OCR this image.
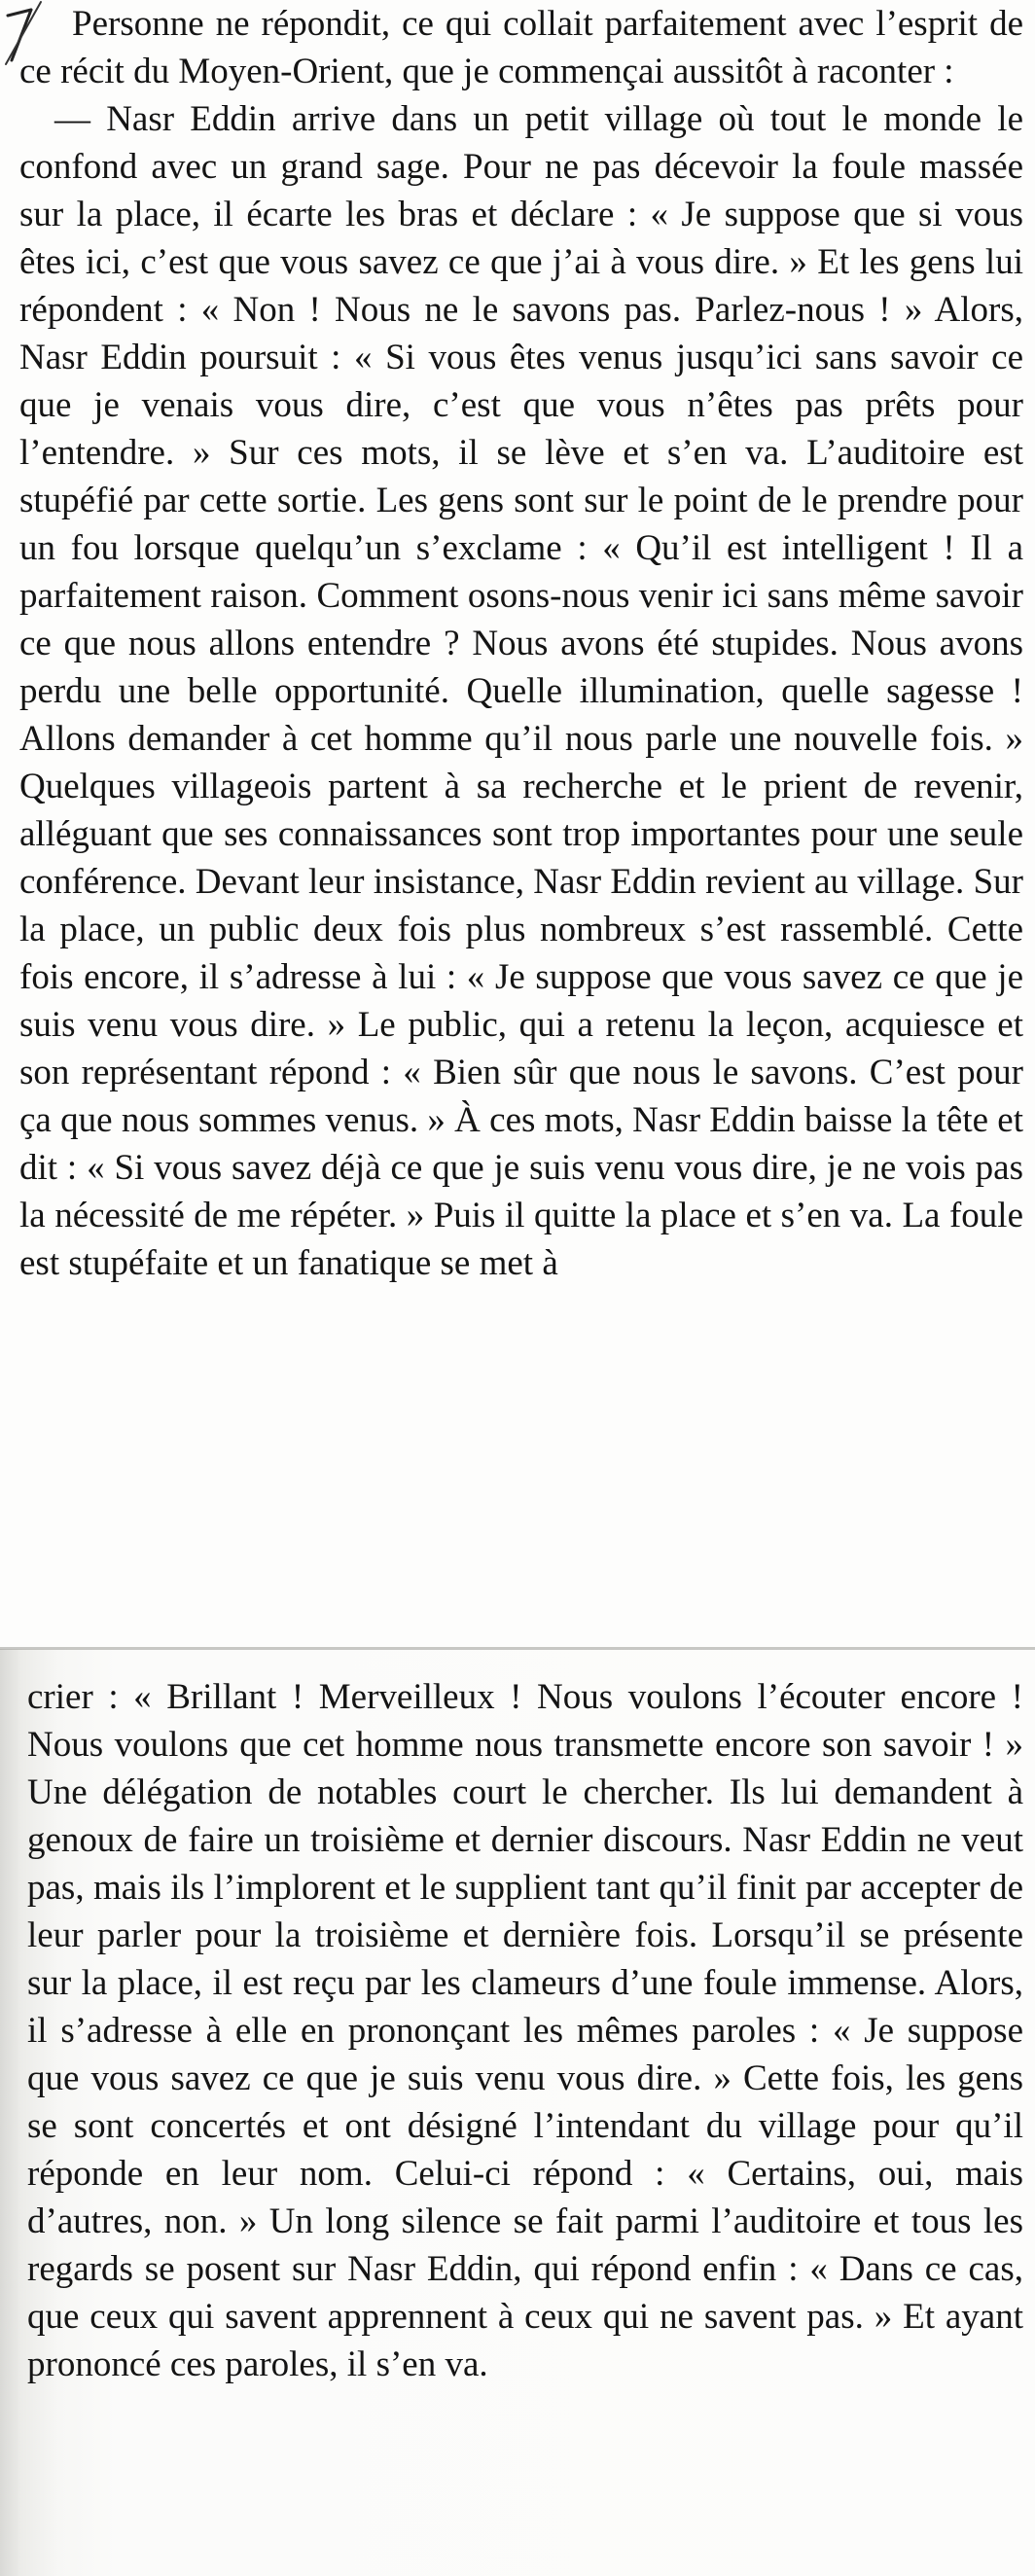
Personne ne répondit, ce qui collait parfaitement avec l’esprit de ce récit du Moyen-Orient, que je commençai aussitôt à raconter :

— Nasr Eddin arrive dans un petit village où tout le monde le confond avec un grand sage. Pour ne pas décevoir la foule massée sur la place, il écarte les bras et déclare : « Je suppose que si vous êtes ici, c’est que vous savez ce que j’ai à vous dire. » Et les gens lui répondent : « Non ! Nous ne le savons pas. Parlez-nous ! » Alors, Nasr Eddin poursuit : « Si vous êtes venus jusqu’ici sans savoir ce que je venais vous dire, c’est que vous n’êtes pas prêts pour l’entendre. » Sur ces mots, il se lève et s’en va. L’auditoire est stupéfié par cette sortie. Les gens sont sur le point de le prendre pour un fou lorsque quelqu’un s’exclame : « Qu’il est intelligent ! Il a parfaitement raison. Comment osons-nous venir ici sans même savoir ce que nous allons entendre ? Nous avons été stupides. Nous avons perdu une belle opportunité. Quelle illumination, quelle sagesse ! Allons demander à cet homme qu’il nous parle une nouvelle fois. » Quelques villageois partent à sa recherche et le prient de revenir, alléguant que ses connaissances sont trop importantes pour une seule conférence. Devant leur insistance, Nasr Eddin revient au village. Sur la place, un public deux fois plus nombreux s’est rassemblé. Cette fois encore, il s’adresse à lui : « Je suppose que vous savez ce que je suis venu vous dire. » Le public, qui a retenu la leçon, acquiesce et son représentant répond : « Bien sûr que nous le savons. C’est pour ça que nous sommes venus. » À ces mots, Nasr Eddin baisse la tête et dit : « Si vous savez déjà ce que je suis venu vous dire, je ne vois pas la nécessité de me répéter. » Puis il quitte la place et s’en va. La foule est stupéfaite et un fanatique se met à

crier : « Brillant ! Merveilleux ! Nous voulons l’écouter encore ! Nous voulons que cet homme nous transmette encore son savoir ! » Une délégation de notables court le chercher. Ils lui demandent à genoux de faire un troisième et dernier discours. Nasr Eddin ne veut pas, mais ils l’implorent et le supplient tant qu’il finit par accepter de leur parler pour la troisième et dernière fois. Lorsqu’il se présente sur la place, il est reçu par les clameurs d’une foule immense. Alors, il s’adresse à elle en prononçant les mêmes paroles : « Je suppose que vous savez ce que je suis venu vous dire. » Cette fois, les gens se sont concertés et ont désigné l’intendant du village pour qu’il réponde en leur nom. Celui-ci répond : « Certains, oui, mais d’autres, non. » Un long silence se fait parmi l’auditoire et tous les regards se posent sur Nasr Eddin, qui répond enfin : « Dans ce cas, que ceux qui savent apprennent à ceux qui ne savent pas. » Et ayant prononcé ces paroles, il s’en va.
